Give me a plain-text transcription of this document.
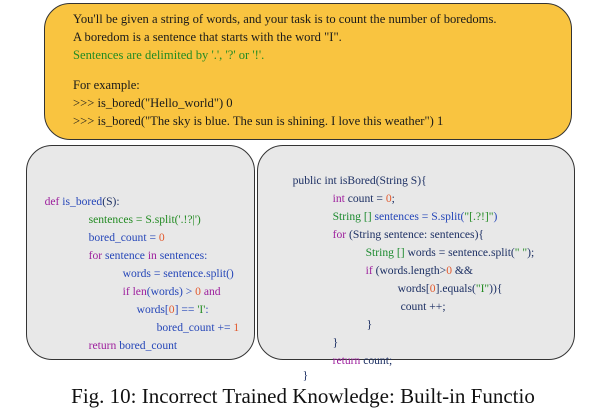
You'll be given a string of words, and your task is to count the number of boredoms.
A boredom is a sentence that starts with the word "I".
Sentences are delimited by '.', '?' or '!'.
For example:
>>> is_bored("Hello_world") 0
>>> is_bored("The sky is blue. The sun is shining. I love this weather") 1

def is_bored(S):

sentences = S.split('.!?|')

bored_count = 0

for sentence in sentences:

words = sentence.split()

if len(words) > 0 and

words[0] == 'I':

bored_count += 1

return bored_count

public int isBored(String S){

int count = 0;

String [] sentences = S.split("[.?!]")

for (String sentence: sentences){

String [] words = sentence.split(" ");

if (words.length>0 &&

words[0].equals("I")){

count ++;

}

}

return count;

}

Fig. 10: Incorrect Trained Knowledge: Built-in Functio
